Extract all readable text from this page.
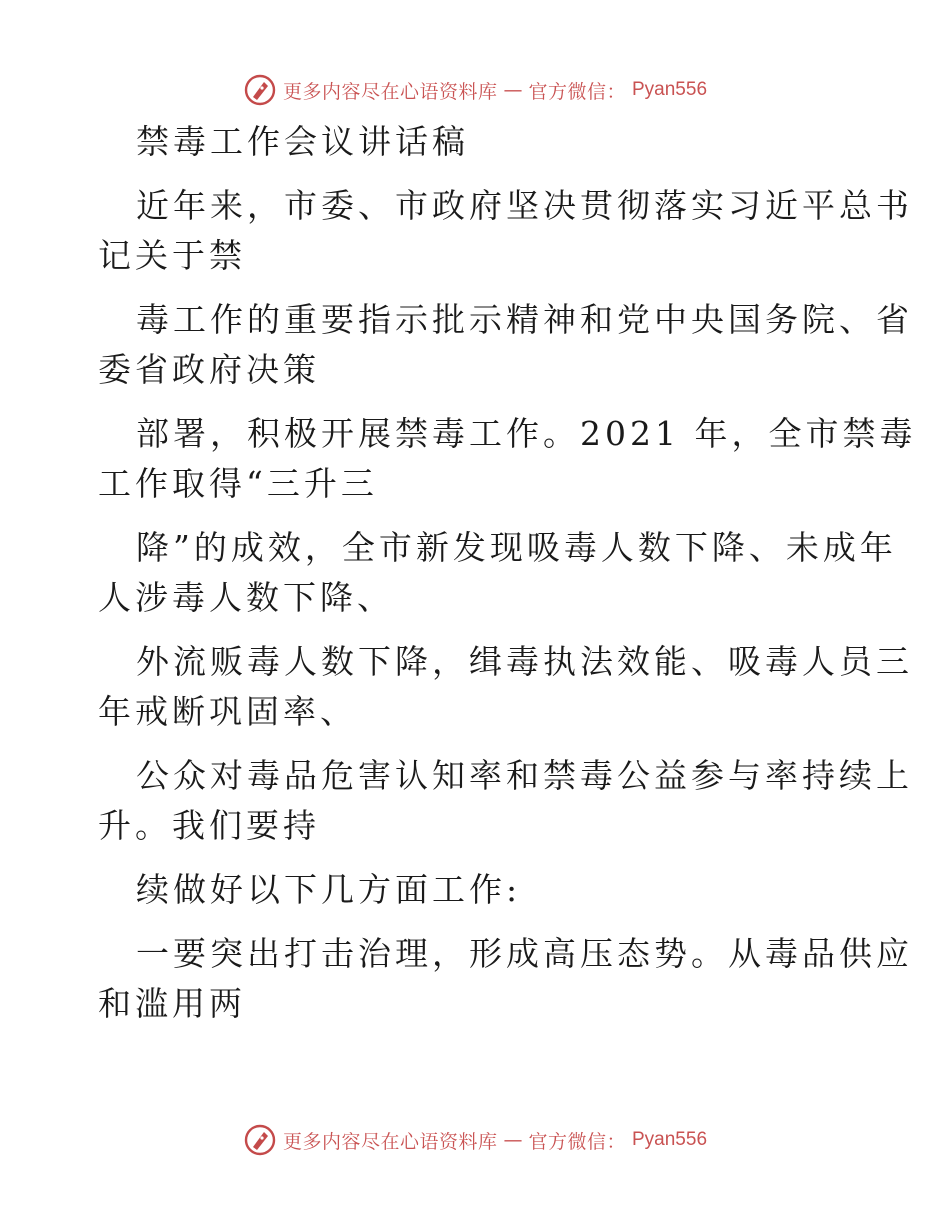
更多内容尽在心语资料库 — 官方微信： Pyan556
禁毒工作会议讲话稿
近年来，市委、市政府坚决贯彻落实习近平总书
记关于禁
毒工作的重要指示批示精神和党中央国务院、省
委省政府决策
部署，积极开展禁毒工作。2021 年，全市禁毒
工作取得“三升三
降”的成效，全市新发现吸毒人数下降、未成年
人涉毒人数下降、
外流贩毒人数下降，缉毒执法效能、吸毒人员三
年戒断巩固率、
公众对毒品危害认知率和禁毒公益参与率持续上
升。我们要持
续做好以下几方面工作:
一要突出打击治理，形成高压态势。从毒品供应
和滥用两
更多内容尽在心语资料库 — 官方微信： Pyan556
